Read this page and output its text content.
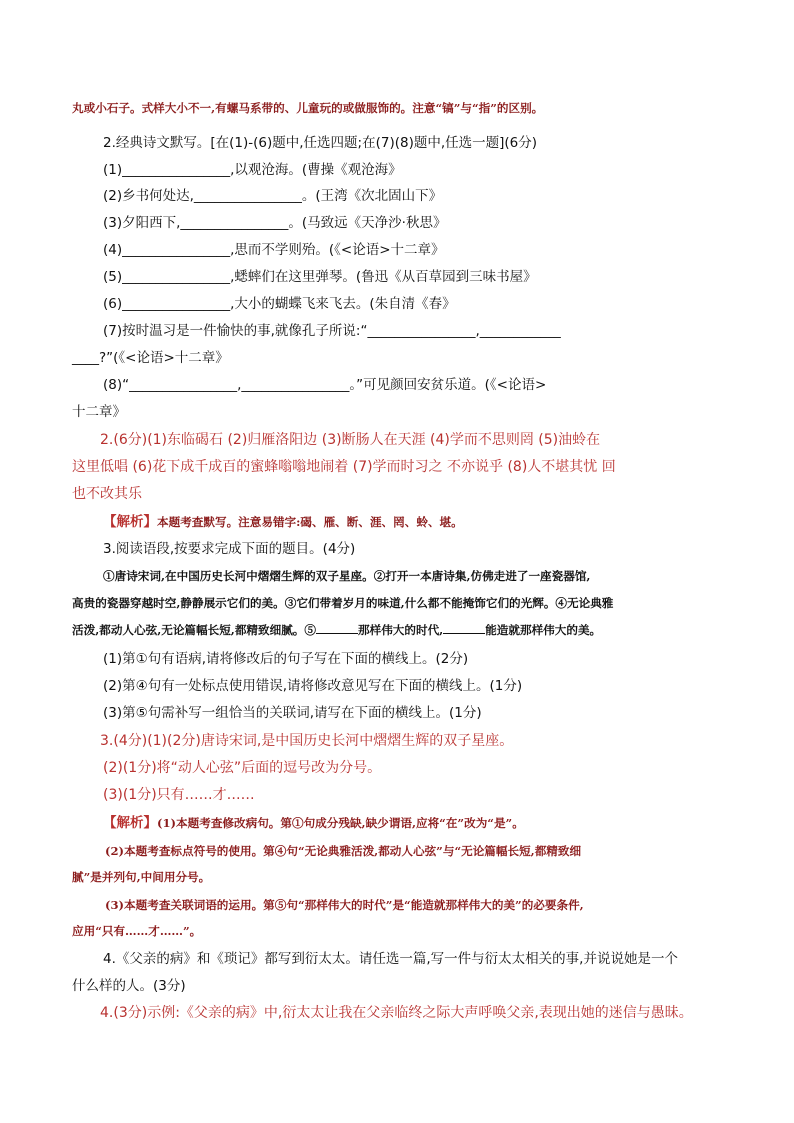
丸或小石子。式样大小不一,有螺马系带的、儿童玩的或做服饰的。注意“镐”与“指”的区别。
2.经典诗文默写。[在(1)-(6)题中,任选四题;在(7)(8)题中,任选一题](6分)
(1)________________,以观沧海。(曹操《观沧海》
(2)乡书何处达,________________。(王湾《次北固山下》
(3)夕阳西下,________________。(马致远《天净沙·秋思》
(4)________________,思而不学则殆。(《<论语>十二章》
(5)________________,蟋蟀们在这里弹琴。(鲁迅《从百草园到三味书屋》
(6)________________,大小的蝴蝶飞来飞去。(朱自清《春》
(7)按时温习是一件愉快的事,就像孔子所说:“________________,____________
____?”(《<论语>十二章》
(8)“________________,________________。”可见颜回安贫乐道。(《<论语>
十二章》
2.(6分)(1)东临碣石 (2)归雁洛阳边 (3)断肠人在天涯 (4)学而不思则罔 (5)油蛉在
这里低唱 (6)花下成千成百的蜜蜂嗡嗡地闹着 (7)学而时习之 不亦说乎 (8)人不堪其忧 回
也不改其乐
【解析】本题考查默写。注意易错字:碣、雁、断、涯、罔、蛉、堪。
3.阅读语段,按要求完成下面的题目。(4分)
①唐诗宋词,在中国历史长河中熠熠生辉的双子星座。②打开一本唐诗集,仿佛走进了一座瓷器馆,
高贵的瓷器穿越时空,静静展示它们的美。③它们带着岁月的味道,什么都不能掩饰它们的光辉。④无论典雅
活泼,都动人心弦,无论篇幅长短,都精致细腻。⑤	那样伟大的时代,	能造就那样伟大的美。
(1)第①句有语病,请将修改后的句子写在下面的横线上。(2分)
(2)第④句有一处标点使用错误,请将修改意见写在下面的横线上。(1分)
(3)第⑤句需补写一组恰当的关联词,请写在下面的横线上。(1分)
3.(4分)(1)(2分)唐诗宋词,是中国历史长河中熠熠生辉的双子星座。
(2)(1分)将“动人心弦”后面的逗号改为分号。
(3)(1分)只有……才……
【解析】(1)本题考查修改病句。第①句成分残缺,缺少谓语,应将“在”改为“是”。
(2)本题考查标点符号的使用。第④句“无论典雅活泼,都动人心弦”与“无论篇幅长短,都精致细
腻”是并列句,中间用分号。
(3)本题考查关联词语的运用。第⑤句“那样伟大的时代”是“能造就那样伟大的美”的必要条件,
应用“只有……才……”。
4.《父亲的病》和《琐记》都写到衍太太。请任选一篇,写一件与衍太太相关的事,并说说她是一个
什么样的人。(3分)
4.(3分)示例:《父亲的病》中,衍太太让我在父亲临终之际大声呼唤父亲,表现出她的迷信与愚昧。
